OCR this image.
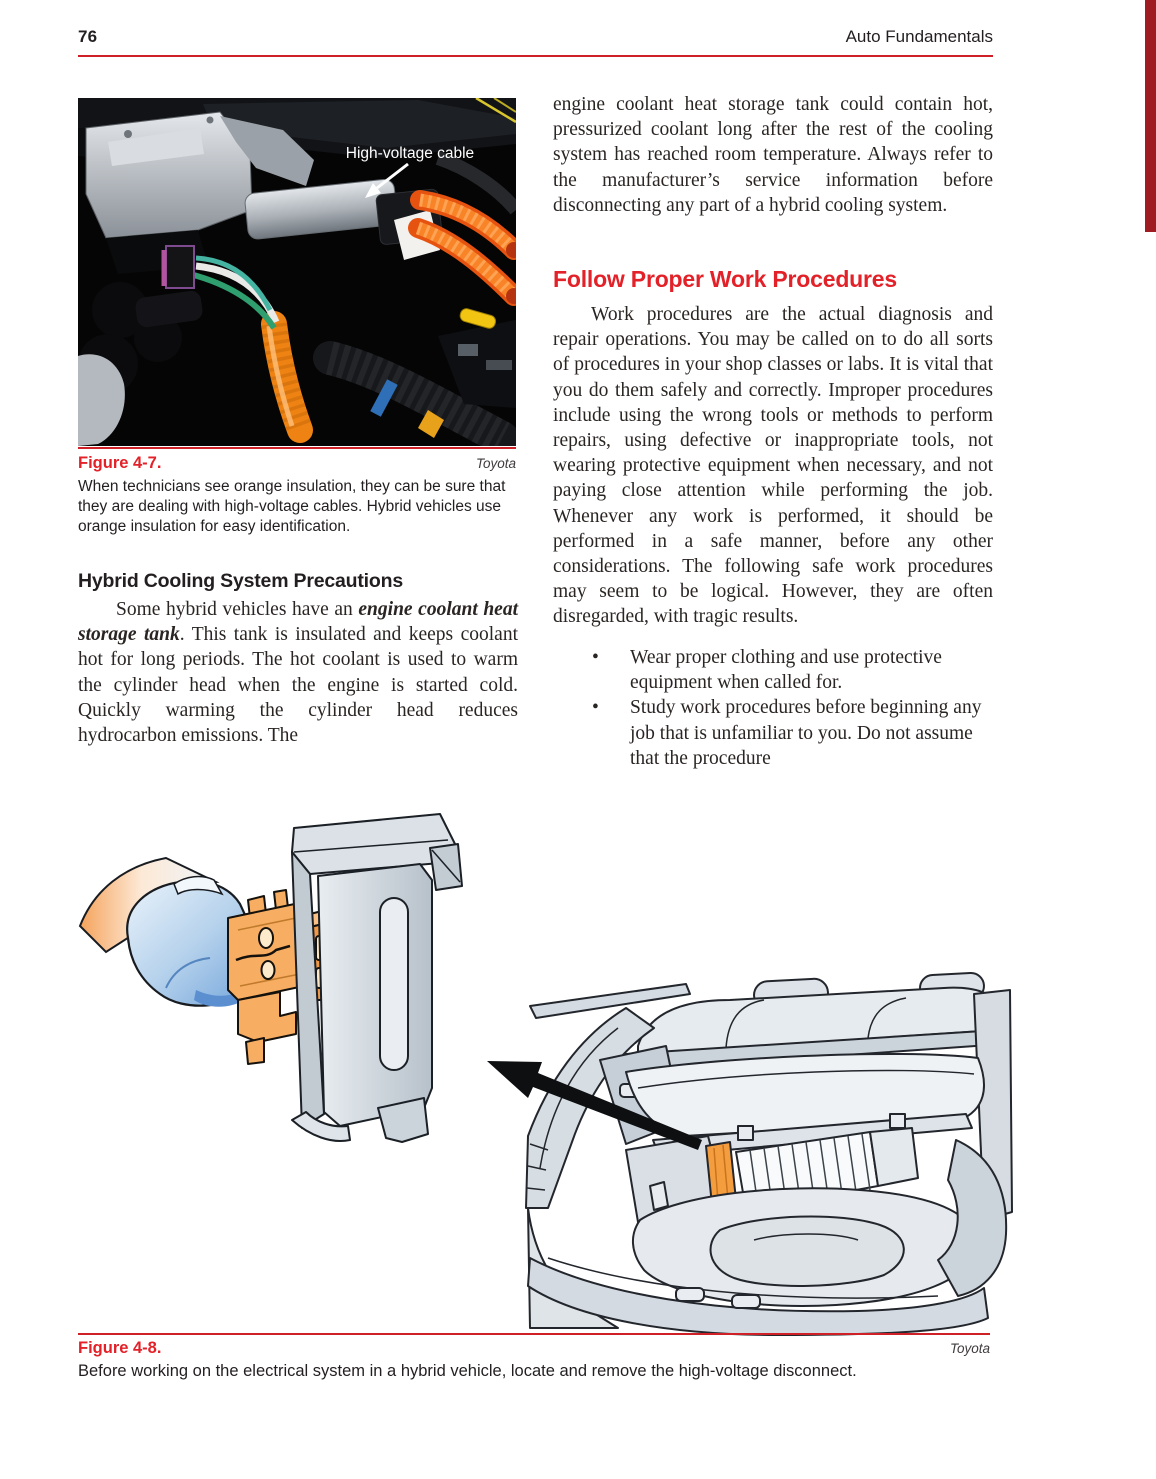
76	Auto Fundamentals
High-voltage cable
Figure 4-7.	Toyota

When technicians see orange insulation, they can be sure that they are dealing with high-voltage cables. Hybrid vehicles use orange insulation for easy identification.

Hybrid Cooling System Precautions

Some hybrid vehicles have an engine coolant heat storage tank. This tank is insulated and keeps coolant hot for long periods. The hot coolant is used to warm the cylinder head when the engine is started cold. Quickly warming the cylinder head reduces hydrocarbon emissions. The

engine coolant heat storage tank could contain hot, pressurized coolant long after the rest of the cooling system has reached room temperature. Always refer to the manufacturer’s service information before disconnecting any part of a hybrid cooling system.

Follow Proper Work Procedures

Work procedures are the actual diagnosis and repair operations. You may be called on to do all sorts of procedures in your shop classes or labs. It is vital that you do them safely and correctly. Improper procedures include using the wrong tools or methods to perform repairs, using defective or inappropriate tools, not wearing protective equipment when necessary, and not paying close attention while performing the job. Whenever any work is performed, it should be performed in a safe manner, before any other considerations. The following safe work procedures may seem to be logical. However, they are often disregarded, with tragic results.

• Wear proper clothing and use protective equipment when called for.
• Study work procedures before beginning any job that is unfamiliar to you. Do not assume that the procedure
Figure 4-8.	Toyota

Before working on the electrical system in a hybrid vehicle, locate and remove the high-voltage disconnect.
